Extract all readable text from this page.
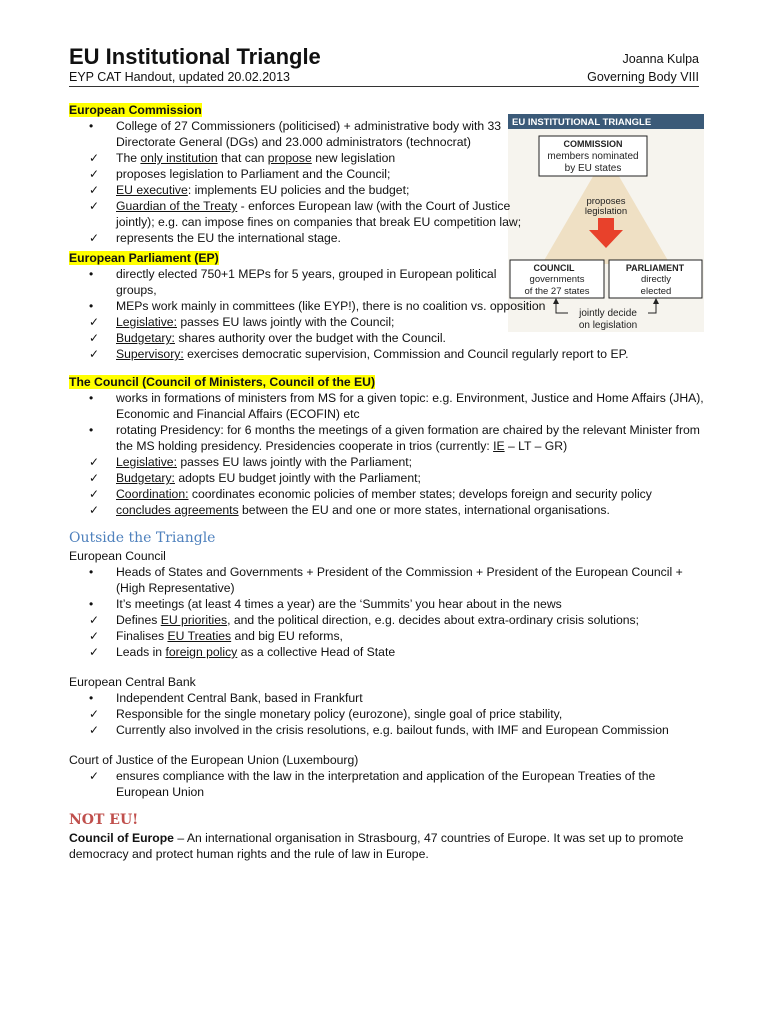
EU Institutional Triangle
EYP CAT Handout, updated 20.02.2013
Joanna Kulpa
Governing Body VIII
EU INSTITUTIONAL TRIANGLE
COMMISSION
members nominated
by EU states
proposes
legislation
COUNCIL
governments
of the 27 states
PARLIAMENT
directly
elected
jointly decide
on legislation
European Commission
•	College of 27 Commissioners (politicised) + administrative body with 33 Directorate General (DGs) and 23.000 administrators (technocrat)
✓	The only institution that can propose new legislation
✓	proposes legislation to Parliament and the Council;
✓	EU executive: implements EU policies and the budget;
✓	Guardian of the Treaty - enforces European law (with the Court of Justice jointly); e.g. can impose fines on companies that break EU competition law;
✓	represents the EU the international stage.
European Parliament (EP)
•	directly elected 750+1 MEPs for 5 years, grouped in European political groups,
•	MEPs work mainly in committees (like EYP!), there is no coalition vs. opposition
✓	Legislative: passes EU laws jointly with the Council;
✓	Budgetary: shares authority over the budget with the Council.
✓	Supervisory: exercises democratic supervision, Commission and Council regularly report to EP.
The Council (Council of Ministers, Council of the EU)
•	works in formations of ministers from MS for a given topic: e.g. Environment, Justice and Home Affairs (JHA), Economic and Financial Affairs (ECOFIN) etc
•	rotating Presidency: for 6 months the meetings of a given formation are chaired by the relevant Minister from the MS holding presidency. Presidencies cooperate in trios (currently: IE – LT – GR)
✓	Legislative: passes EU laws jointly with the Parliament;
✓	Budgetary: adopts EU budget jointly with the Parliament;
✓	Coordination: coordinates economic policies of member states; develops foreign and security policy
✓	concludes agreements between the EU and one or more states, international organisations.
Outside the Triangle
European Council
•	Heads of States and Governments + President of the Commission + President of the European Council + (High Representative)
•	It’s meetings (at least 4 times a year) are the ‘Summits’ you hear about in the news
✓	Defines EU priorities, and the political direction, e.g. decides about extra-ordinary crisis solutions;
✓	Finalises EU Treaties and big EU reforms,
✓	Leads in foreign policy as a collective Head of State
European Central Bank
•	Independent Central Bank, based in Frankfurt
✓	Responsible for the single monetary policy (eurozone), single goal of price stability,
✓	Currently also involved in the crisis resolutions, e.g. bailout funds, with IMF and European Commission
Court of Justice of the European Union (Luxembourg)
✓	ensures compliance with the law in the interpretation and application of the European Treaties of the European Union
NOT EU!
Council of Europe – An international organisation in Strasbourg, 47 countries of Europe. It was set up to promote democracy and protect human rights and the rule of law in Europe.
